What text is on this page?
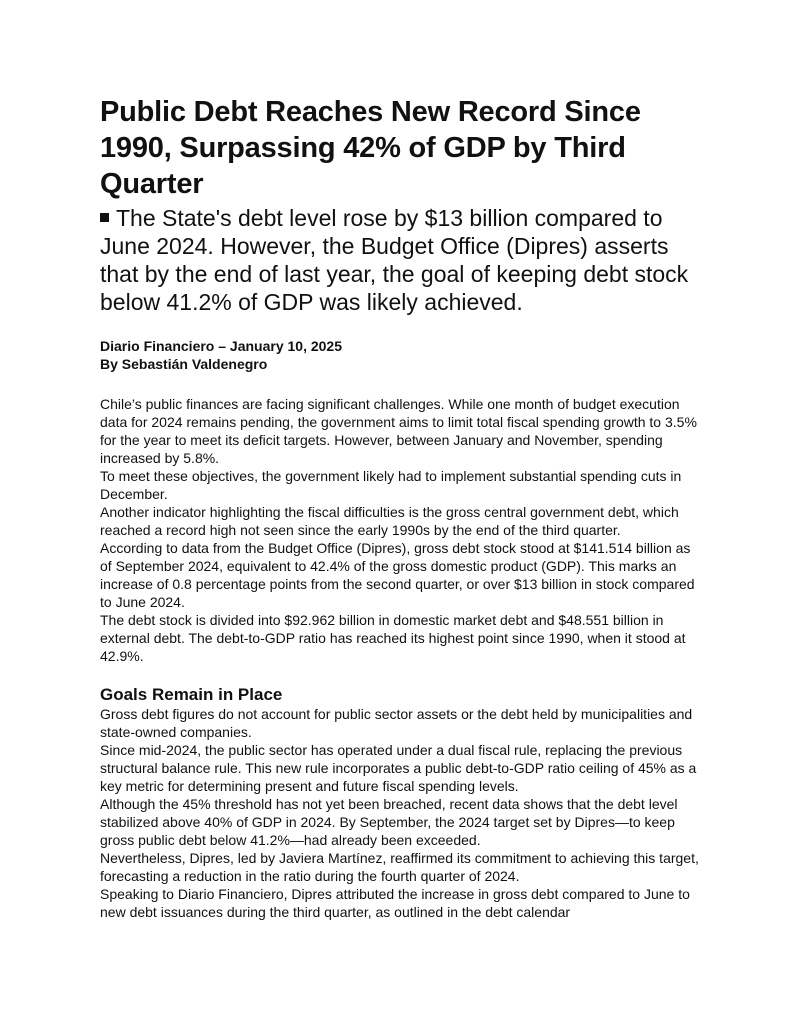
Public Debt Reaches New Record Since 1990, Surpassing 42% of GDP by Third Quarter
The State's debt level rose by $13 billion compared to June 2024. However, the Budget Office (Dipres) asserts that by the end of last year, the goal of keeping debt stock below 41.2% of GDP was likely achieved.
Diario Financiero – January 10, 2025
By Sebastián Valdenegro

Chile’s public finances are facing significant challenges. While one month of budget execution data for 2024 remains pending, the government aims to limit total fiscal spending growth to 3.5% for the year to meet its deficit targets. However, between January and November, spending increased by 5.8%.

To meet these objectives, the government likely had to implement substantial spending cuts in December.

Another indicator highlighting the fiscal difficulties is the gross central government debt, which reached a record high not seen since the early 1990s by the end of the third quarter.

According to data from the Budget Office (Dipres), gross debt stock stood at $141.514 billion as of September 2024, equivalent to 42.4% of the gross domestic product (GDP). This marks an increase of 0.8 percentage points from the second quarter, or over $13 billion in stock compared to June 2024.

The debt stock is divided into $92.962 billion in domestic market debt and $48.551 billion in external debt. The debt-to-GDP ratio has reached its highest point since 1990, when it stood at 42.9%.

Goals Remain in Place

Gross debt figures do not account for public sector assets or the debt held by municipalities and state-owned companies.

Since mid-2024, the public sector has operated under a dual fiscal rule, replacing the previous structural balance rule. This new rule incorporates a public debt-to-GDP ratio ceiling of 45% as a key metric for determining present and future fiscal spending levels.

Although the 45% threshold has not yet been breached, recent data shows that the debt level stabilized above 40% of GDP in 2024. By September, the 2024 target set by Dipres—to keep gross public debt below 41.2%—had already been exceeded.

Nevertheless, Dipres, led by Javiera Martínez, reaffirmed its commitment to achieving this target, forecasting a reduction in the ratio during the fourth quarter of 2024.

Speaking to Diario Financiero, Dipres attributed the increase in gross debt compared to June to new debt issuances during the third quarter, as outlined in the debt calendar
